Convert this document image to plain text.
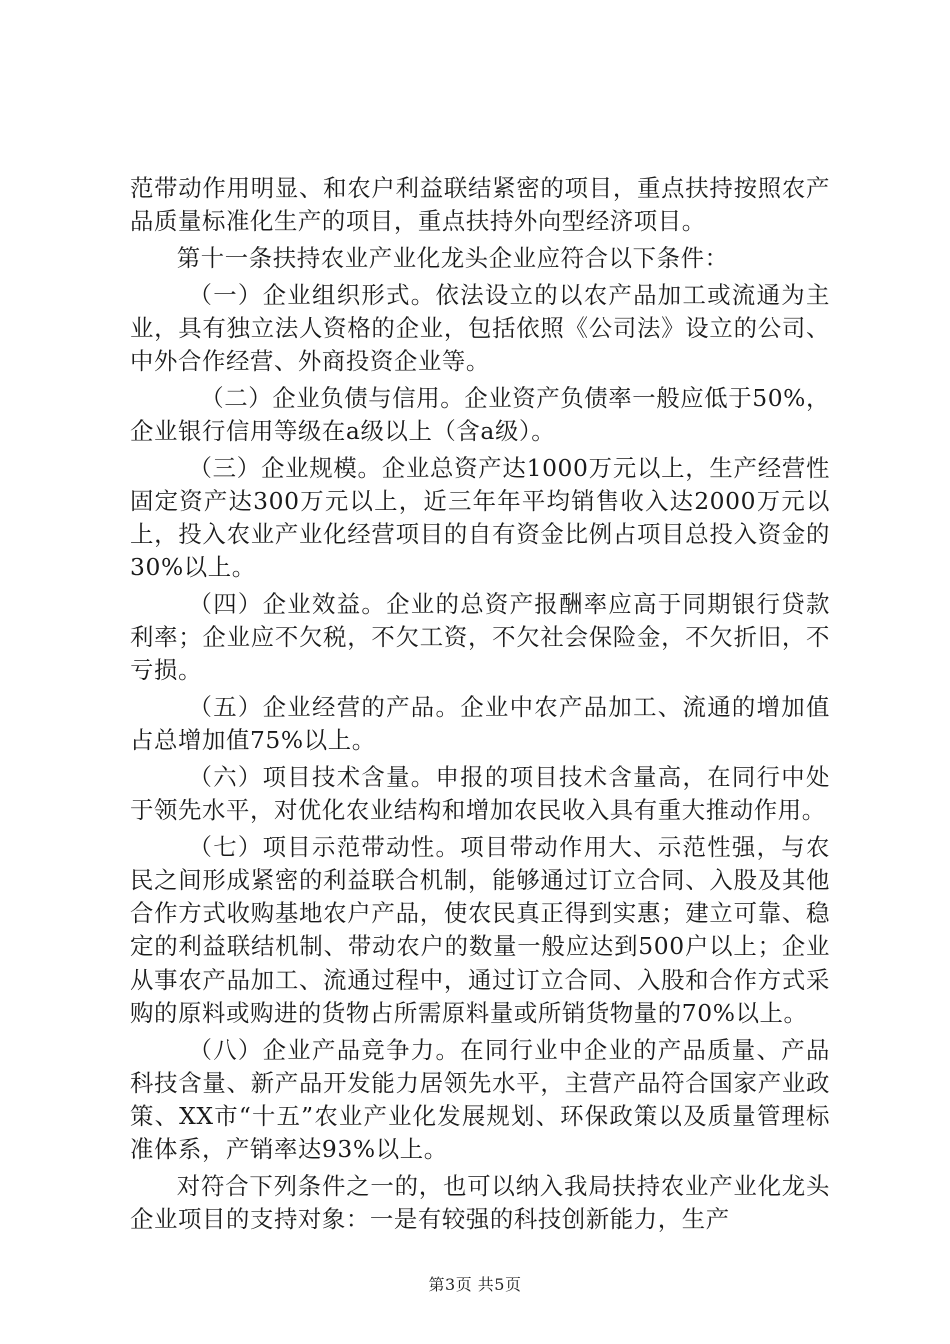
范带动作用明显、和农户利益联结紧密的项目，重点扶持按照农产品质量标准化生产的项目，重点扶持外向型经济项目。

第十一条扶持农业产业化龙头企业应符合以下条件：

（一）企业组织形式。依法设立的以农产品加工或流通为主业，具有独立法人资格的企业，包括依照《公司法》设立的公司、中外合作经营、外商投资企业等。

（二）企业负债与信用。企业资产负债率一般应低于50%，企业银行信用等级在a级以上（含a级）。

（三）企业规模。企业总资产达1000万元以上，生产经营性固定资产达300万元以上，近三年年平均销售收入达2000万元以上，投入农业产业化经营项目的自有资金比例占项目总投入资金的30%以上。

（四）企业效益。企业的总资产报酬率应高于同期银行贷款利率；企业应不欠税，不欠工资，不欠社会保险金，不欠折旧，不亏损。

（五）企业经营的产品。企业中农产品加工、流通的增加值占总增加值75%以上。

（六）项目技术含量。申报的项目技术含量高，在同行中处于领先水平，对优化农业结构和增加农民收入具有重大推动作用。

（七）项目示范带动性。项目带动作用大、示范性强，与农民之间形成紧密的利益联合机制，能够通过订立合同、入股及其他合作方式收购基地农户产品，使农民真正得到实惠；建立可靠、稳定的利益联结机制、带动农户的数量一般应达到500户以上；企业从事农产品加工、流通过程中，通过订立合同、入股和合作方式采购的原料或购进的货物占所需原料量或所销货物量的70%以上。

（八）企业产品竞争力。在同行业中企业的产品质量、产品科技含量、新产品开发能力居领先水平，主营产品符合国家产业政策、XX市“十五”农业产业化发展规划、环保政策以及质量管理标准体系，产销率达93%以上。

对符合下列条件之一的，也可以纳入我局扶持农业产业化龙头企业项目的支持对象：一是有较强的科技创新能力，生产

第3页 共5页
